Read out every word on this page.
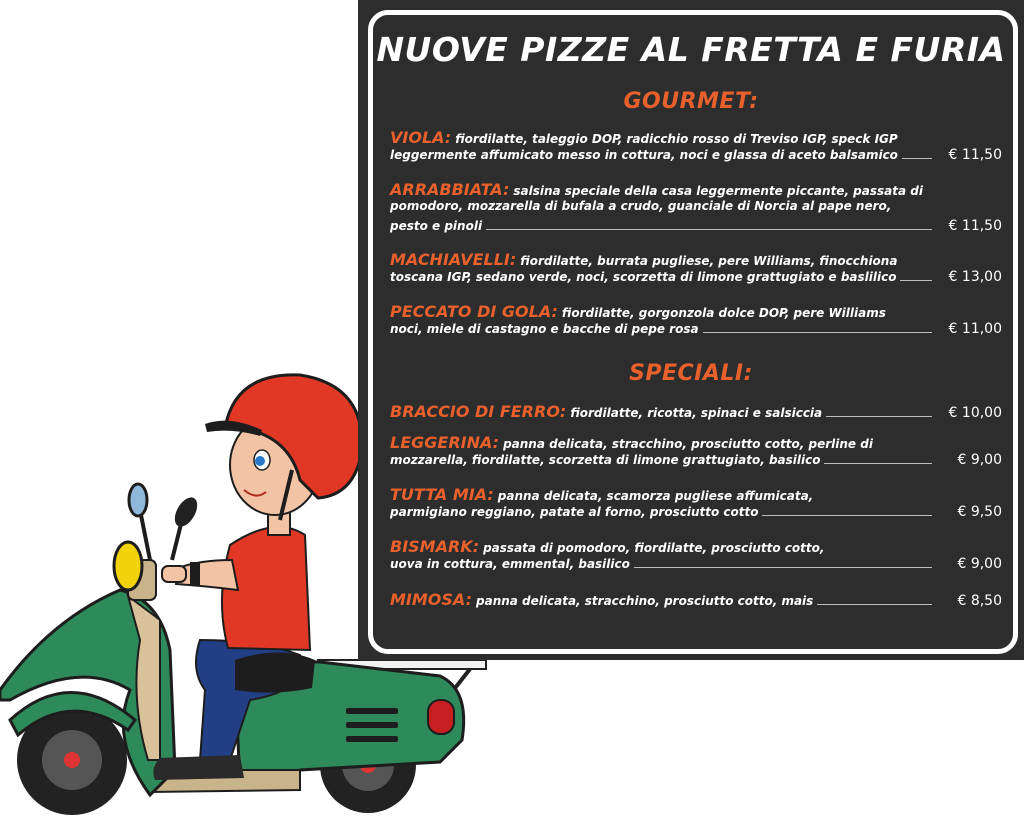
NUOVE PIZZE AL FRETTA E FURIA
GOURMET:
VIOLA: fiordilatte, taleggio DOP, radicchio rosso di Treviso IGP, speck IGP
leggermente affumicato messo in cottura, noci e glassa di aceto balsamico	€ 11,50
ARRABBIATA: salsina speciale della casa leggermente piccante, passata di
pomodoro, mozzarella di bufala a crudo, guanciale di Norcia al pape nero,
pesto e pinoli	€ 11,50
MACHIAVELLI: fiordilatte, burrata pugliese, pere Williams, finocchiona
toscana IGP, sedano verde, noci, scorzetta di limone grattugiato e baslilico	€ 13,00
PECCATO DI GOLA: fiordilatte, gorgonzola dolce DOP, pere Williams
noci, miele di castagno e bacche di pepe rosa	€ 11,00
SPECIALI:
BRACCIO DI FERRO: fiordilatte, ricotta, spinaci e salsiccia	€ 10,00
LEGGERINA: panna delicata, stracchino, prosciutto cotto, perline di
mozzarella, fiordilatte, scorzetta di limone grattugiato, basilico	€ 9,00
TUTTA MIA: panna delicata, scamorza pugliese affumicata,
parmigiano reggiano, patate al forno, prosciutto cotto	€ 9,50
BISMARK: passata di pomodoro, fiordilatte, prosciutto cotto,
uova in cottura, emmental, basilico	€ 9,00
MIMOSA: panna delicata, stracchino, prosciutto cotto, mais	€ 8,50
